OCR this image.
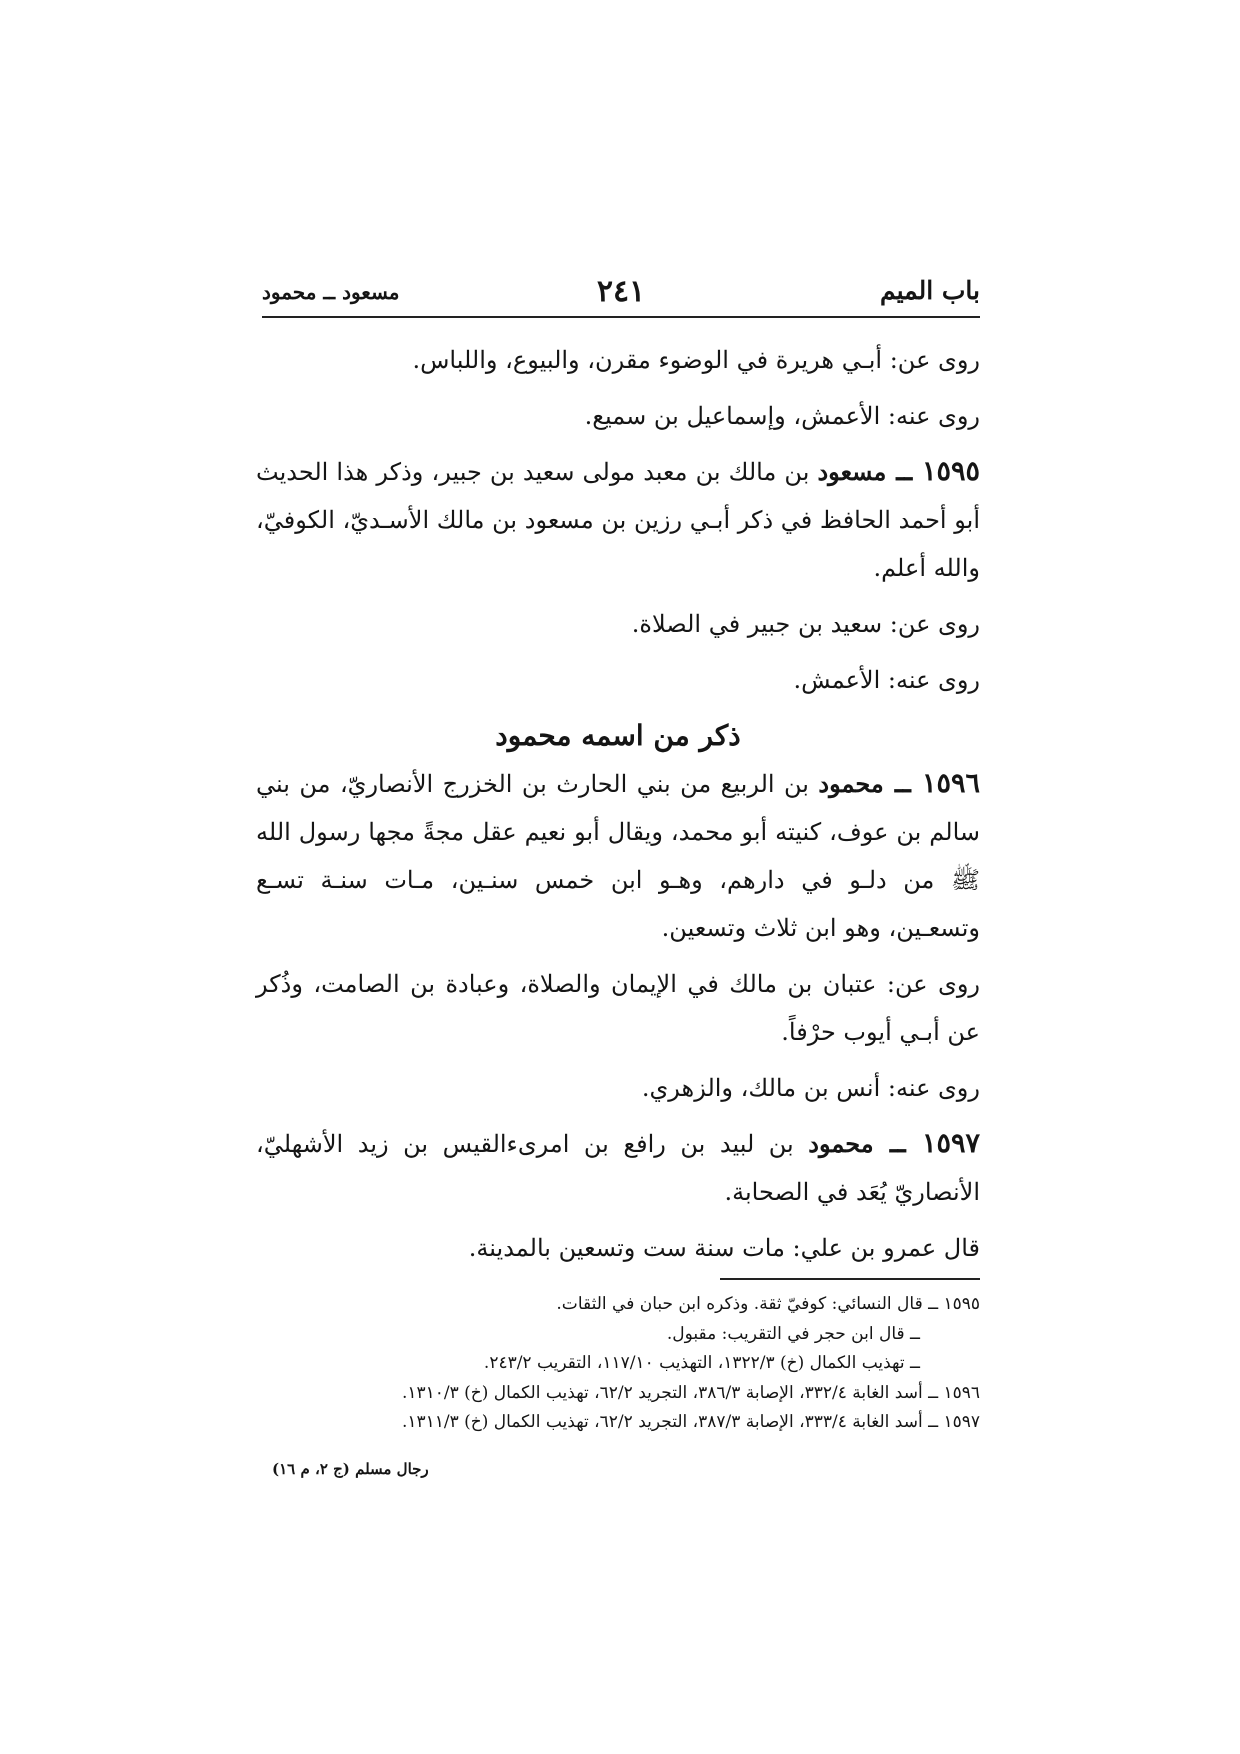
باب الميم
٢٤١
مسعود ــ محمود

روى عن: أبـي هريرة في الوضوء مقرن، والبيوع، واللباس.

روى عنه: الأعمش، وإسماعيل بن سميع.

١٥٩٥ ــ مسعود بن مالك بن معبد مولى سعيد بن جبير، وذكر هذا الحديث أبو أحمد الحافظ في ذكر أبـي رزين بن مسعود بن مالك الأسـديّ، الكوفيّ، والله أعلم.

روى عن: سعيد بن جبير في الصلاة.

روى عنه: الأعمش.

ذكر من اسمه محمود

١٥٩٦ ــ محمود بن الربيع من بني الحارث بن الخزرج الأنصاريّ، من بني سالم بن عوف، كنيته أبو محمد، ويقال أبو نعيم عقل مجةً مجها رسول الله ﷺ من دلـو في دارهم، وهـو ابن خمس سنـين، مـات سنـة تسـع وتسعـين، وهو ابن ثلاث وتسعين.

روى عن: عتبان بن مالك في الإيمان والصلاة، وعبادة بن الصامت، وذُكر عن أبـي أيوب حرْفاً.

روى عنه: أنس بن مالك، والزهري.

١٥٩٧ ــ محمود بن لبيد بن رافع بن امرىءالقيس بن زيد الأشهليّ، الأنصاريّ يُعَد في الصحابة.

قال عمرو بن علي: مات سنة ست وتسعين بالمدينة.

١٥٩٥ ــ قال النسائي: كوفيّ ثقة. وذكره ابن حبان في الثقات.
ــ قال ابن حجر في التقريب: مقبول.
ــ تهذيب الكمال (خ) ١٣٢٢/٣، التهذيب ١١٧/١٠، التقريب ٢٤٣/٢.
١٥٩٦ ــ أسد الغابة ٣٣٢/٤، الإصابة ٣٨٦/٣، التجريد ٦٢/٢، تهذيب الكمال (خ) ١٣١٠/٣.
١٥٩٧ ــ أسد الغابة ٣٣٣/٤، الإصابة ٣٨٧/٣، التجريد ٦٢/٢، تهذيب الكمال (خ) ١٣١١/٣.
رجال مسلم (ج ٢، م ١٦)
